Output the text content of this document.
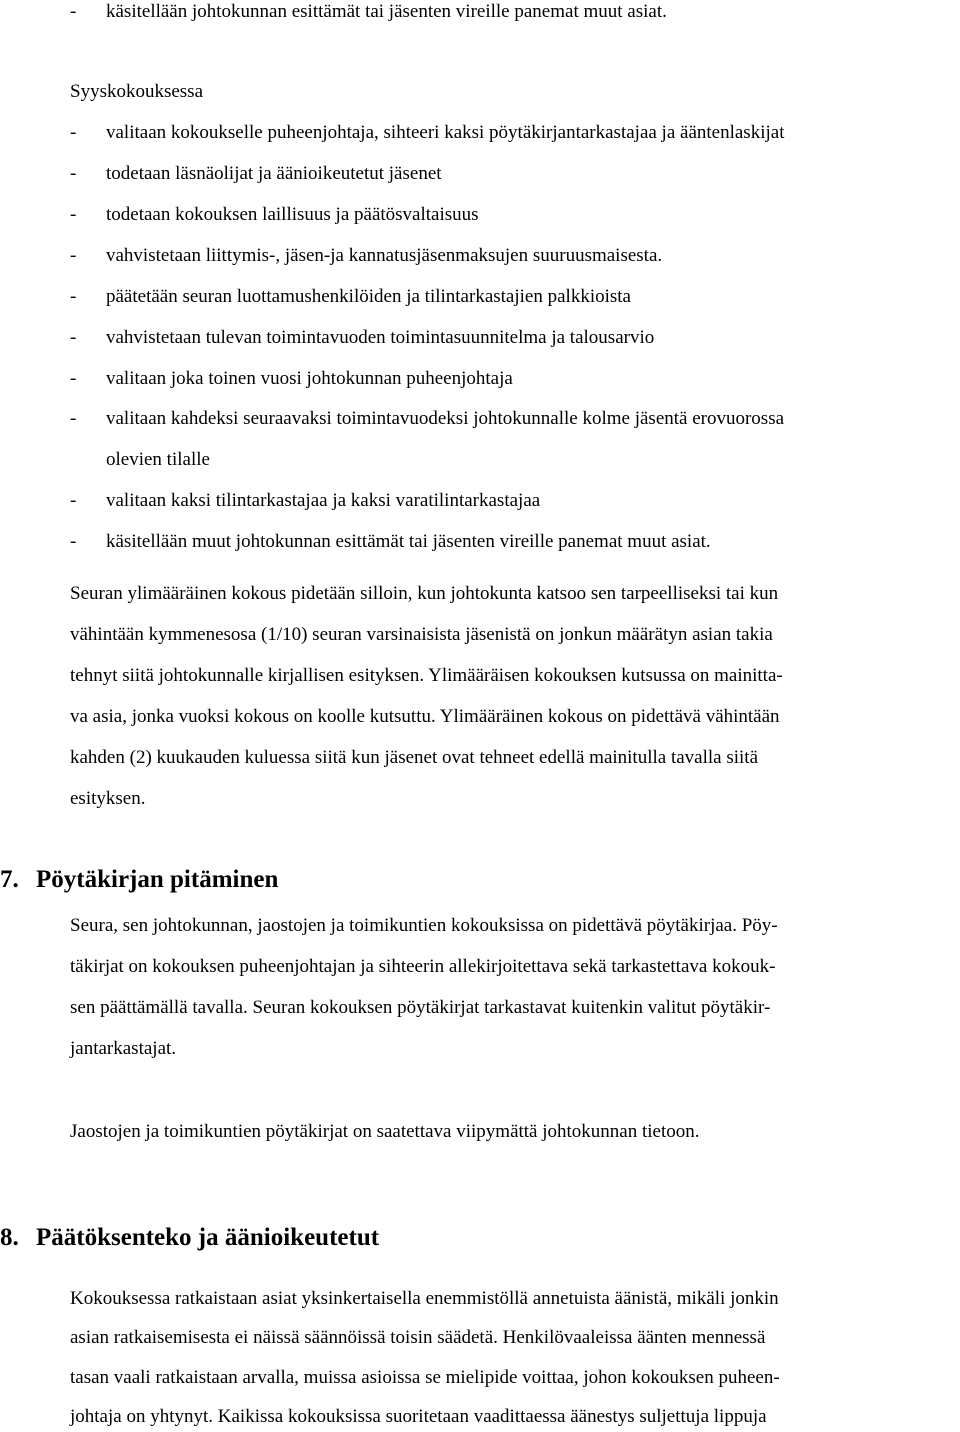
- käsitellään johtokunnan esittämät tai jäsenten vireille panemat muut asiat.
Syyskokouksessa
- valitaan kokoukselle puheenjohtaja, sihteeri kaksi pöytäkirjantarkastajaa ja ääntenlaskijat
- todetaan läsnäolijat ja äänioikeutetut jäsenet
- todetaan kokouksen laillisuus ja päätösvaltaisuus
- vahvistetaan liittymis-, jäsen-ja kannatusjäsenmaksujen suuruusmaisesta.
- päätetään seuran luottamushenkilöiden ja tilintarkastajien palkkioista
- vahvistetaan tulevan toimintavuoden toimintasuunnitelma ja talousarvio
- valitaan joka toinen vuosi johtokunnan puheenjohtaja
- valitaan kahdeksi seuraavaksi toimintavuodeksi johtokunnalle kolme jäsentä erovuorossa
olevien tilalle
- valitaan kaksi tilintarkastajaa ja kaksi varatilintarkastajaa
- käsitellään muut johtokunnan esittämät tai jäsenten vireille panemat muut asiat.
Seuran ylimääräinen kokous pidetään silloin, kun johtokunta katsoo sen tarpeelliseksi tai kun
vähintään kymmenesosa (1/10) seuran varsinaisista jäsenistä on jonkun määrätyn asian takia
tehnyt siitä johtokunnalle kirjallisen esityksen. Ylimääräisen kokouksen kutsussa on mainitta-
va asia, jonka vuoksi kokous on koolle kutsuttu. Ylimääräinen kokous on pidettävä vähintään
kahden (2) kuukauden kuluessa siitä kun jäsenet ovat tehneet edellä mainitulla tavalla siitä
esityksen.
7. Pöytäkirjan pitäminen
Seura, sen johtokunnan, jaostojen ja toimikuntien kokouksissa on pidettävä pöytäkirjaa. Pöy-
täkirjat on kokouksen puheenjohtajan ja sihteerin allekirjoitettava sekä tarkastettava kokouk-
sen päättämällä tavalla. Seuran kokouksen pöytäkirjat tarkastavat kuitenkin valitut pöytäkir-
jantarkastajat.
Jaostojen ja toimikuntien pöytäkirjat on saatettava viipymättä johtokunnan tietoon.
8. Päätöksenteko ja äänioikeutetut
Kokouksessa ratkaistaan asiat yksinkertaisella enemmistöllä annetuista äänistä, mikäli jonkin
asian ratkaisemisesta ei näissä säännöissä toisin säädetä. Henkilövaaleissa äänten mennessä
tasan vaali ratkaistaan arvalla, muissa asioissa se mielipide voittaa, johon kokouksen puheen-
johtaja on yhtynyt. Kaikissa kokouksissa suoritetaan vaadittaessa äänestys suljettuja lippuja
